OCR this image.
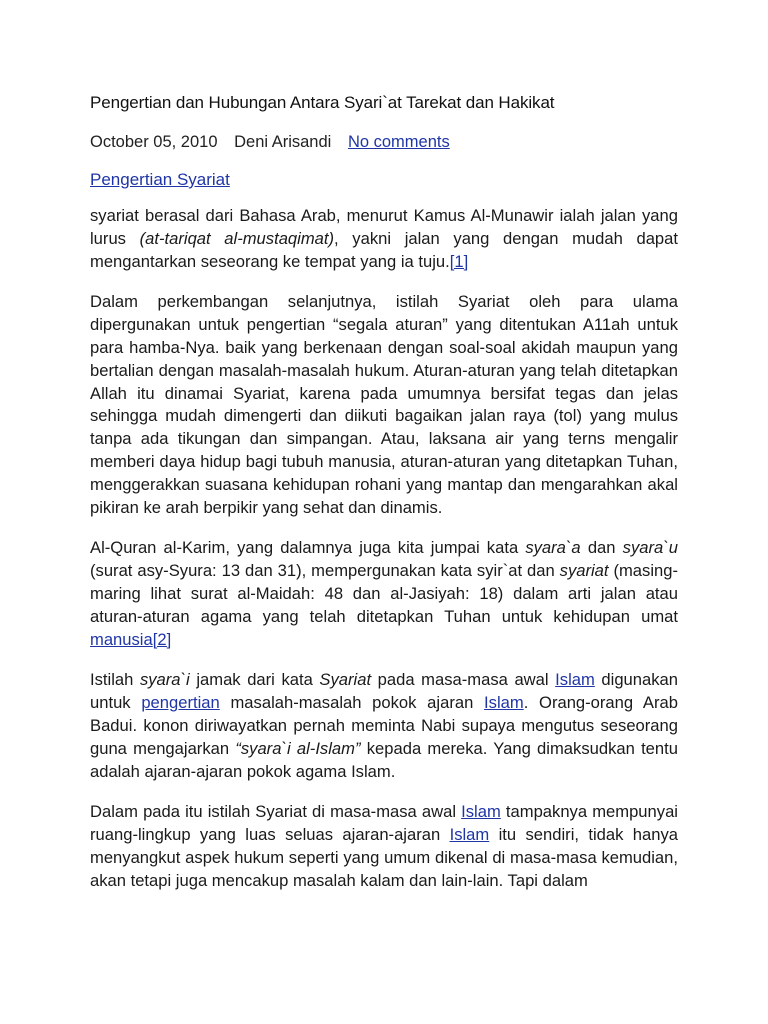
Pengertian dan Hubungan Antara Syari`at Tarekat dan Hakikat
October 05, 2010 Deni Arisandi No comments
Pengertian Syariat

syariat berasal dari Bahasa Arab, menurut Kamus Al-Munawir ialah jalan yang lurus (at-tariqat al-mustaqimat), yakni jalan yang dengan mudah dapat mengantarkan seseorang ke tempat yang ia tuju.[1]

Dalam perkembangan selanjutnya, istilah Syariat oleh para ulama dipergunakan untuk pengertian “segala aturan” yang ditentukan A11ah untuk para hamba-Nya. baik yang berkenaan dengan soal-soal akidah maupun yang bertalian dengan masalah-masalah hukum. Aturan-aturan yang telah ditetapkan Allah itu dinamai Syariat, karena pada umumnya bersifat tegas dan jelas sehingga mudah dimengerti dan diikuti bagaikan jalan raya (tol) yang mulus tanpa ada tikungan dan simpangan. Atau, laksana air yang terns mengalir memberi daya hidup bagi tubuh manusia, aturan-aturan yang ditetapkan Tuhan, menggerakkan suasana kehidupan rohani yang mantap dan mengarahkan akal pikiran ke arah berpikir yang sehat dan dinamis.

Al-Quran al-Karim, yang dalamnya juga kita jumpai kata syara`a dan syara`u (surat asy-Syura: 13 dan 31), mempergunakan kata syir`at dan syariat (masing-maring lihat surat al-Maidah: 48 dan al-Jasiyah: 18) dalam arti jalan atau aturan-aturan agama yang telah ditetapkan Tuhan untuk kehidupan umat manusia[2]

Istilah syara`i jamak dari kata Syariat pada masa-masa awal Islam digunakan untuk pengertian masalah-masalah pokok ajaran Islam. Orang-orang Arab Badui. konon diriwayatkan pernah meminta Nabi supaya mengutus seseorang guna mengajarkan “syara`i al-Islam” kepada mereka. Yang dimaksudkan tentu adalah ajaran-ajaran pokok agama Islam.

Dalam pada itu istilah Syariat di masa-masa awal Islam tampaknya mempunyai ruang-lingkup yang luas seluas ajaran-ajaran Islam itu sendiri, tidak hanya menyangkut aspek hukum seperti yang umum dikenal di masa-masa kemudian, akan tetapi juga mencakup masalah kalam dan lain-lain. Tapi dalam
